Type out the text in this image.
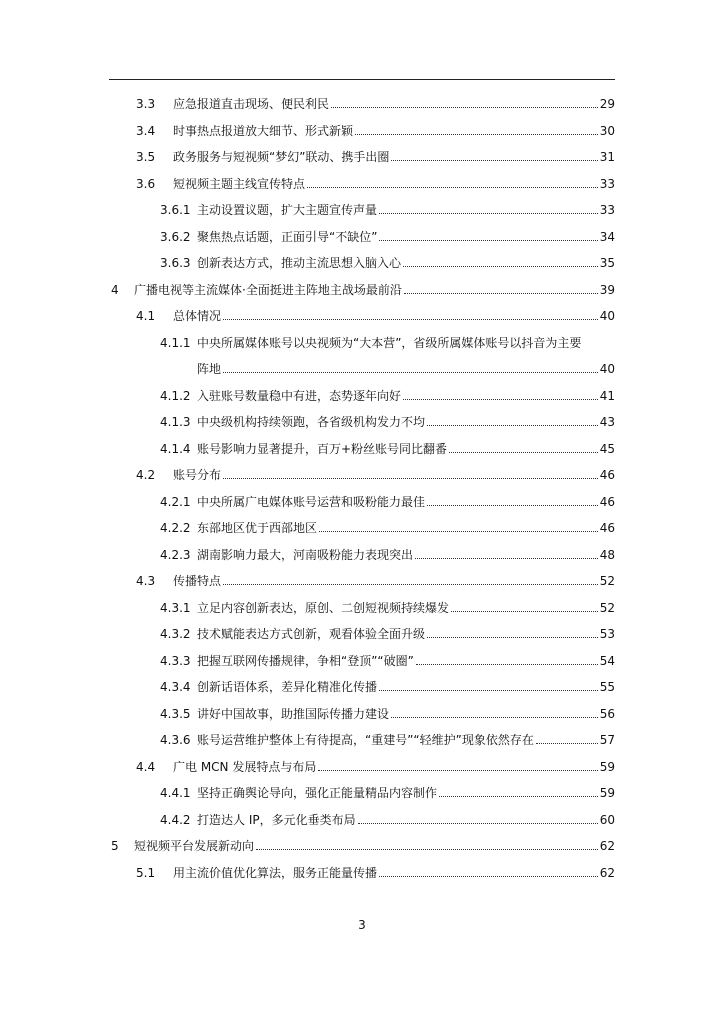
3.3 应急报道直击现场、便民利民	29
3.4 时事热点报道放大细节、形式新颖	30
3.5 政务服务与短视频“梦幻”联动、携手出圈	31
3.6 短视频主题主线宣传特点	33
3.6.1 主动设置议题，扩大主题宣传声量	33
3.6.2 聚焦热点话题，正面引导“不缺位”	34
3.6.3 创新表达方式，推动主流思想入脑入心	35
4 广播电视等主流媒体·全面挺进主阵地主战场最前沿	39
4.1 总体情况	40
4.1.1 中央所属媒体账号以央视频为“大本营”，省级所属媒体账号以抖音为主要
阵地	40
4.1.2 入驻账号数量稳中有进，态势逐年向好	41
4.1.3 中央级机构持续领跑，各省级机构发力不均	43
4.1.4 账号影响力显著提升，百万+粉丝账号同比翻番	45
4.2 账号分布	46
4.2.1 中央所属广电媒体账号运营和吸粉能力最佳	46
4.2.2 东部地区优于西部地区	46
4.2.3 湖南影响力最大，河南吸粉能力表现突出	48
4.3 传播特点	52
4.3.1 立足内容创新表达，原创、二创短视频持续爆发	52
4.3.2 技术赋能表达方式创新，观看体验全面升级	53
4.3.3 把握互联网传播规律，争相“登顶”“破圈”	54
4.3.4 创新话语体系，差异化精准化传播	55
4.3.5 讲好中国故事，助推国际传播力建设	56
4.3.6 账号运营维护整体上有待提高，“重建号”“轻维护”现象依然存在	57
4.4 广电 MCN 发展特点与布局	59
4.4.1 坚持正确舆论导向，强化正能量精品内容制作	59
4.4.2 打造达人 IP，多元化垂类布局	60
5 短视频平台发展新动向	62
5.1 用主流价值优化算法，服务正能量传播	62
3
